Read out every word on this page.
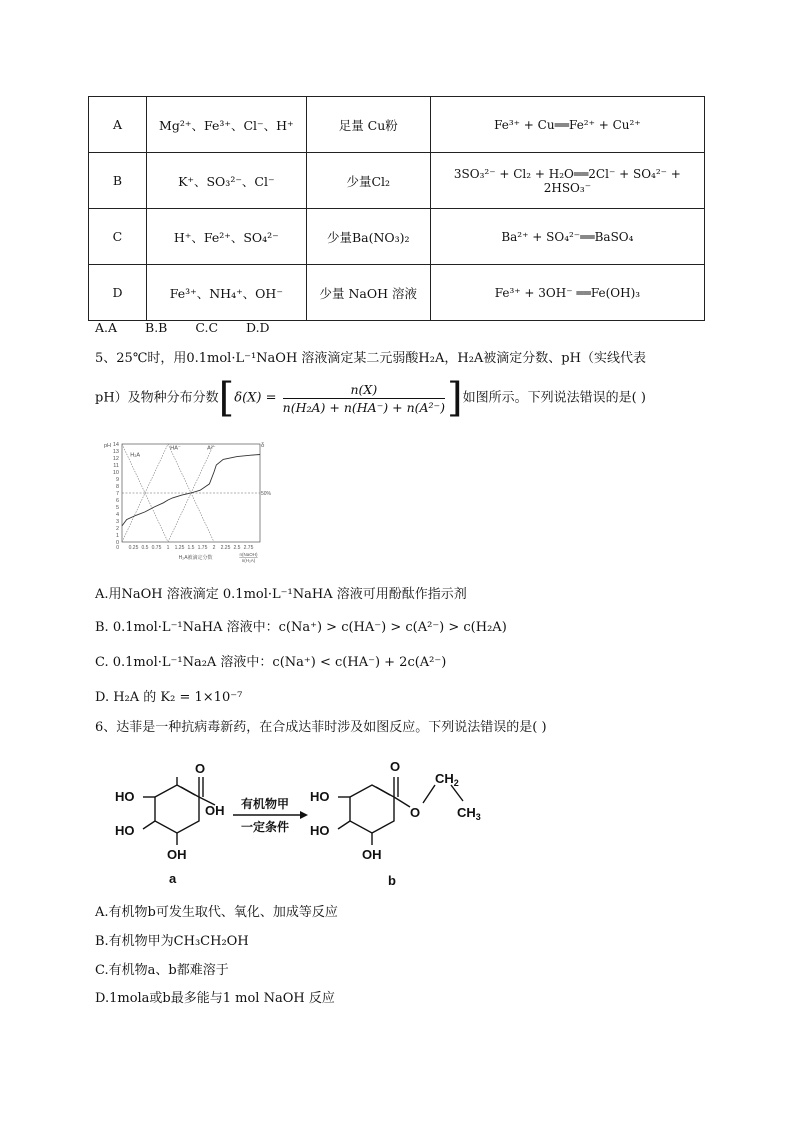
A	Mg²⁺、Fe³⁺、Cl⁻、H⁺	足量 Cu粉	Fe³⁺ + Cu══Fe²⁺ + Cu²⁺
B	K⁺、SO₃²⁻、Cl⁻	少量Cl₂	3SO₃²⁻ + Cl₂ + H₂O══2Cl⁻ + SO₄²⁻ + 2HSO₃⁻
C	H⁺、Fe²⁺、SO₄²⁻	少量Ba(NO₃)₂	Ba²⁺ + SO₄²⁻══BaSO₄
D	Fe³⁺、NH₄⁺、OH⁻	少量 NaOH 溶液	Fe³⁺ + 3OH⁻ ══Fe(OH)₃
A.A B.B C.C D.D
5、25℃时，用0.1mol·L⁻¹NaOH 溶液滴定某二元弱酸H₂A，H₂A被滴定分数、pH（实线代表
pH）及物种分布分数[$\delta(X) = \frac{n(X)}{\text{n(H₂A) + n(HA⁻) + n(A²⁻)}}$ ]如图所示。下列说法错误的是( )
0
1
2
3
4
5
6
7
8
9
10
11
12
13
14
pH	δ
0.25 0.5 0.75 1 1.25 1.5 1.75 2 2.25 2.5 2.75
0
H₂A被滴定分数
n(NaOH)
n(H₂A)
50%
H₂A
HA⁻	A²⁻
A.用NaOH 溶液滴定 0.1mol·L⁻¹NaHA 溶液可用酚酞作指示剂
B. 0.1mol·L⁻¹NaHA 溶液中：c(Na⁺) > c(HA⁻) > c(A²⁻) > c(H₂A)
C. 0.1mol·L⁻¹Na₂A 溶液中：c(Na⁺) < c(HA⁻) + 2c(A²⁻)
D. H₂A 的 K₂ = 1×10⁻⁷
6、达菲是一种抗病毒新药，在合成达菲时涉及如图反应。下列说法错误的是( )
O
OH
HO
HO
OH
有机物甲
一定条件
O
O
$CH_2$
$CH_3$
HO
HO
OH
a	b
A.有机物b可发生取代、氧化、加成等反应
B.有机物甲为CH₃CH₂OH
C.有机物a、b都难溶于
D.1mola或b最多能与1 mol NaOH 反应
